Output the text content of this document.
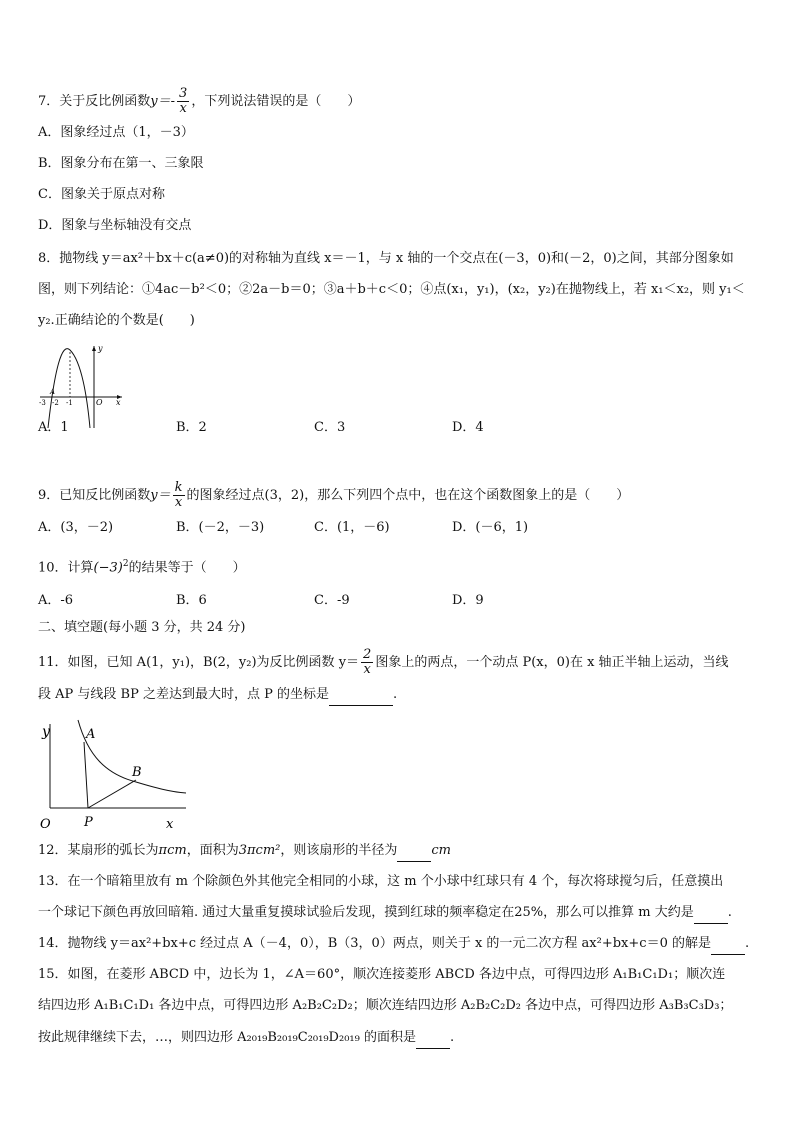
7．关于反比例函数$y=- \frac{3}{x}$ ，下列说法错误的是（　　）
A．图象经过点（1，－3）
B．图象分布在第一、三象限
C．图象关于原点对称
D．图象与坐标轴没有交点
8．抛物线 y＝ax²＋bx＋c(a≠0)的对称轴为直线 x＝－1，与 x 轴的一个交点在(－3，0)和(－2，0)之间，其部分图象如
图，则下列结论：①4ac－b²＜0；②2a－b＝0；③a＋b＋c＜0；④点(x₁，y₁)，(x₂，y₂)在抛物线上，若 x₁＜x₂，则 y₁＜
y₂.正确结论的个数是(　　)
y
x
O
A
-3 -2 -1
A．1	B．2	C．3	D．4
9．已知反比例函数$y= \frac{k}{x}$ 的图象经过点(3，2)，那么下列四个点中，也在这个函数图象上的是（　　）
A．(3，－2)	B．(－2，－3)	C．(1，－6)	D．(－6，1)
10．计算$(-3)^2$的结果等于（　　）
A．-6	B．6	C．-9	D．9
二、填空题(每小题 3 分，共 24 分)
11．如图，已知 A(1，y₁)，B(2，y₂)为反比例函数 $y= \frac{2}{x}$ 图象上的两点，一个动点 P(x，0)在 x 轴正半轴上运动，当线
段 AP 与线段 BP 之差达到最大时，点 P 的坐标是	.
y	A
B
P
O	x
12．某扇形的弧长为πcm，面积为3πcm²，则该扇形的半径为	cm
13．在一个暗箱里放有 m 个除颜色外其他完全相同的小球，这 m 个小球中红球只有 4 个，每次将球搅匀后，任意摸出
一个球记下颜色再放回暗箱. 通过大量重复摸球试验后发现，摸到红球的频率稳定在25%，那么可以推算 m 大约是	.
14．抛物线 y＝ax²+bx+c 经过点 A（－4，0），B（3，0）两点，则关于 x 的一元二次方程 ax²+bx+c＝0 的解是	.
15．如图，在菱形 ABCD 中，边长为 1，∠A＝60°，顺次连接菱形 ABCD 各边中点，可得四边形 A₁B₁C₁D₁；顺次连
结四边形 A₁B₁C₁D₁ 各边中点，可得四边形 A₂B₂C₂D₂；顺次连结四边形 A₂B₂C₂D₂ 各边中点，可得四边形 A₃B₃C₃D₃；
按此规律继续下去，…，则四边形 A₂₀₁₉B₂₀₁₉C₂₀₁₉D₂₀₁₉ 的面积是	.
